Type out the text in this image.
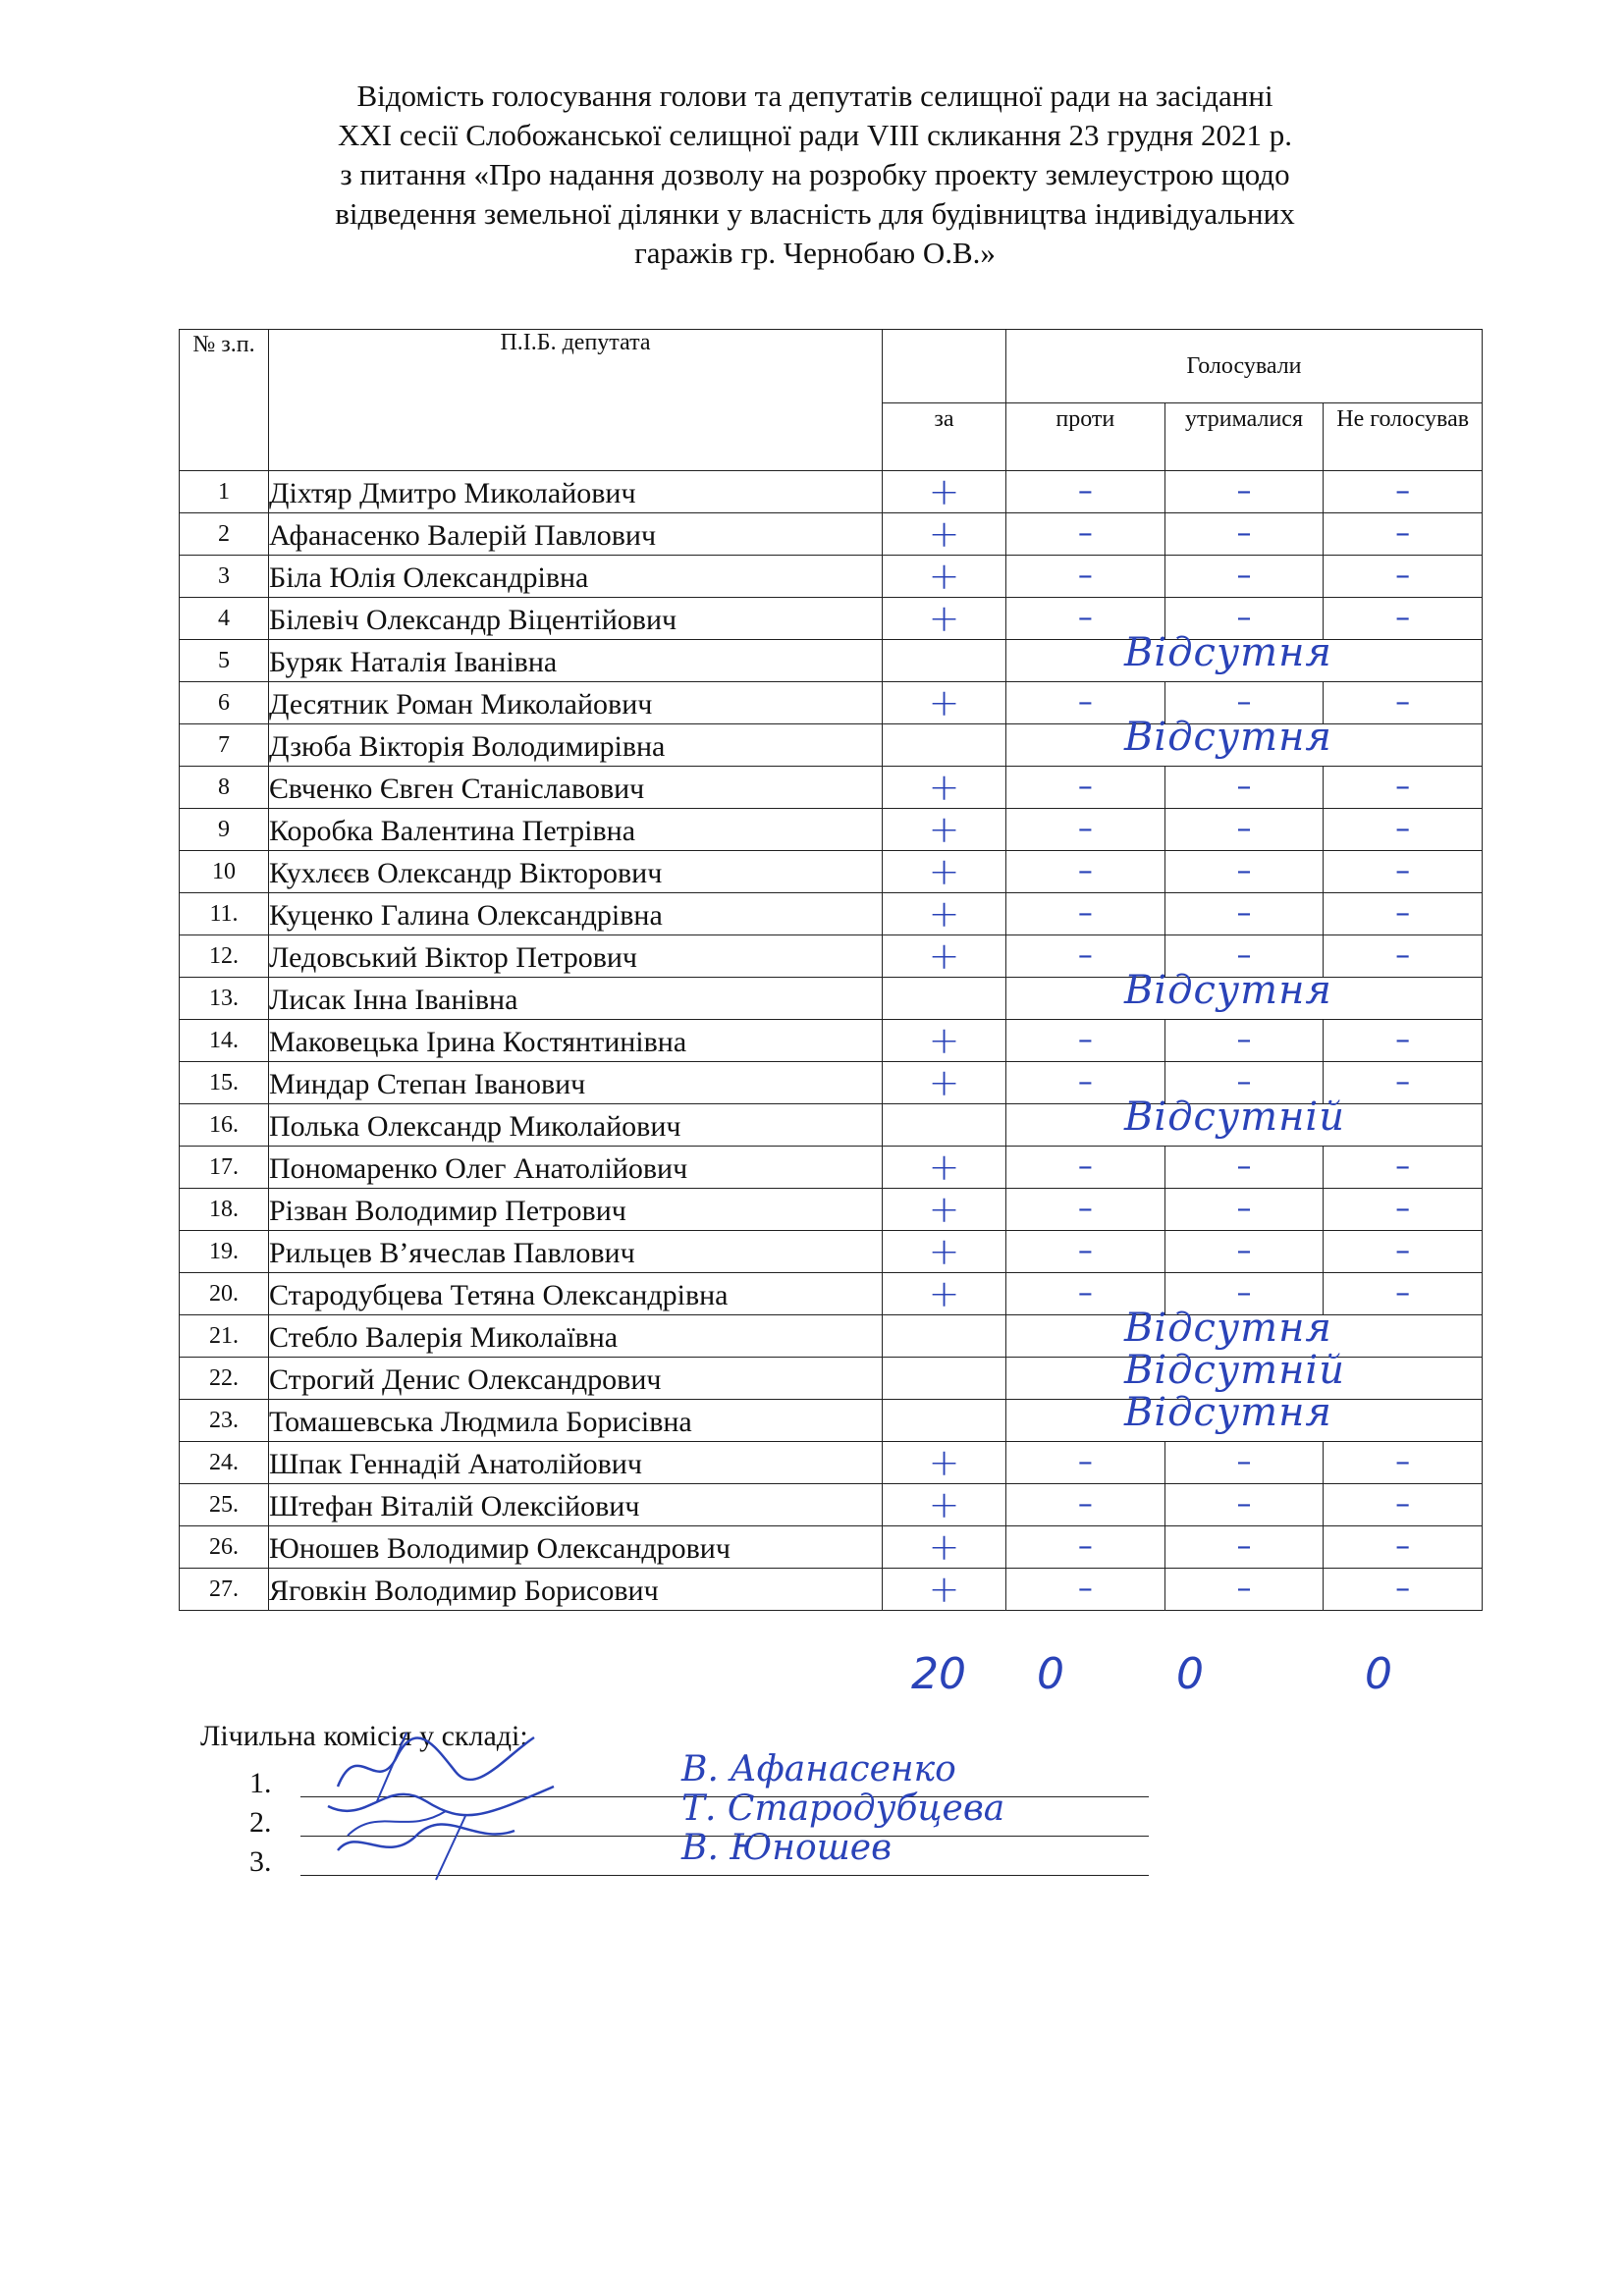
Відомість голосування голови та депутатів селищної ради на засіданні
XXI сесії Слобожанської селищної ради VIII скликання 23 грудня 2021 р.
з питання «Про надання дозволу на розробку проекту землеустрою щодо
відведення земельної ділянки у власність для будівництва індивідуальних
гаражів гр. Чернобаю О.В.»
№ з.п.	П.І.Б. депутата		Голосували		
		за	проти	утрималися	Не голосував
1	Діхтяр Дмитро Миколайович	+	–	–	–
2	Афанасенко Валерій Павлович	+	–	–	–
3	Біла Юлія Олександрівна	+	–	–	–
4	Білевіч Олександр Віцентійович	+	–	–	–
5	Буряк Наталія Іванівна		Відсутня		

6	Десятник Роман Миколайович	+	–	–	–
7	Дзюба Вікторія Володимирівна		Відсутня		

8	Євченко Євген Станіславович	+	–	–	–
9	Коробка Валентина Петрівна	+	–	–	–
10	Кухлєєв Олександр Вікторович	+	–	–	–
11.	Куценко Галина Олександрівна	+	–	–	–
12.	Ледовський Віктор Петрович	+	–	–	–
13.	Лисак Інна Іванівна		Відсутня		

14.	Маковецька Ірина Костянтинівна	+	–	–	–
15.	Миндар Степан Іванович	+	–	–	–
16.	Полька Олександр Миколайович		Відсутній		

17.	Пономаренко Олег Анатолійович	+	–	–	–
18.	Різван Володимир Петрович	+	–	–	–
19.	Рильцев В’ячеслав Павлович	+	–	–	–
20.	Стародубцева Тетяна Олександрівна	+	–	–	–
21.	Стебло Валерія Миколаївна		Відсутня		

22.	Строгий Денис Олександрович		Відсутній		

23.	Томашевська Людмила Борисівна		Відсутня		

24.	Шпак Геннадій Анатолійович	+	–	–	–
25.	Штефан Віталій Олексійович	+	–	–	–
26.	Юношев Володимир Олександрович	+	–	–	–
27.	Яговкін Володимир Борисович	+	–	–	–
20 0	0	0
Лічильна комісія у складі:
1.	В. Афанасенко
2.	Т. Стародубцева
3.	В. Юношев
